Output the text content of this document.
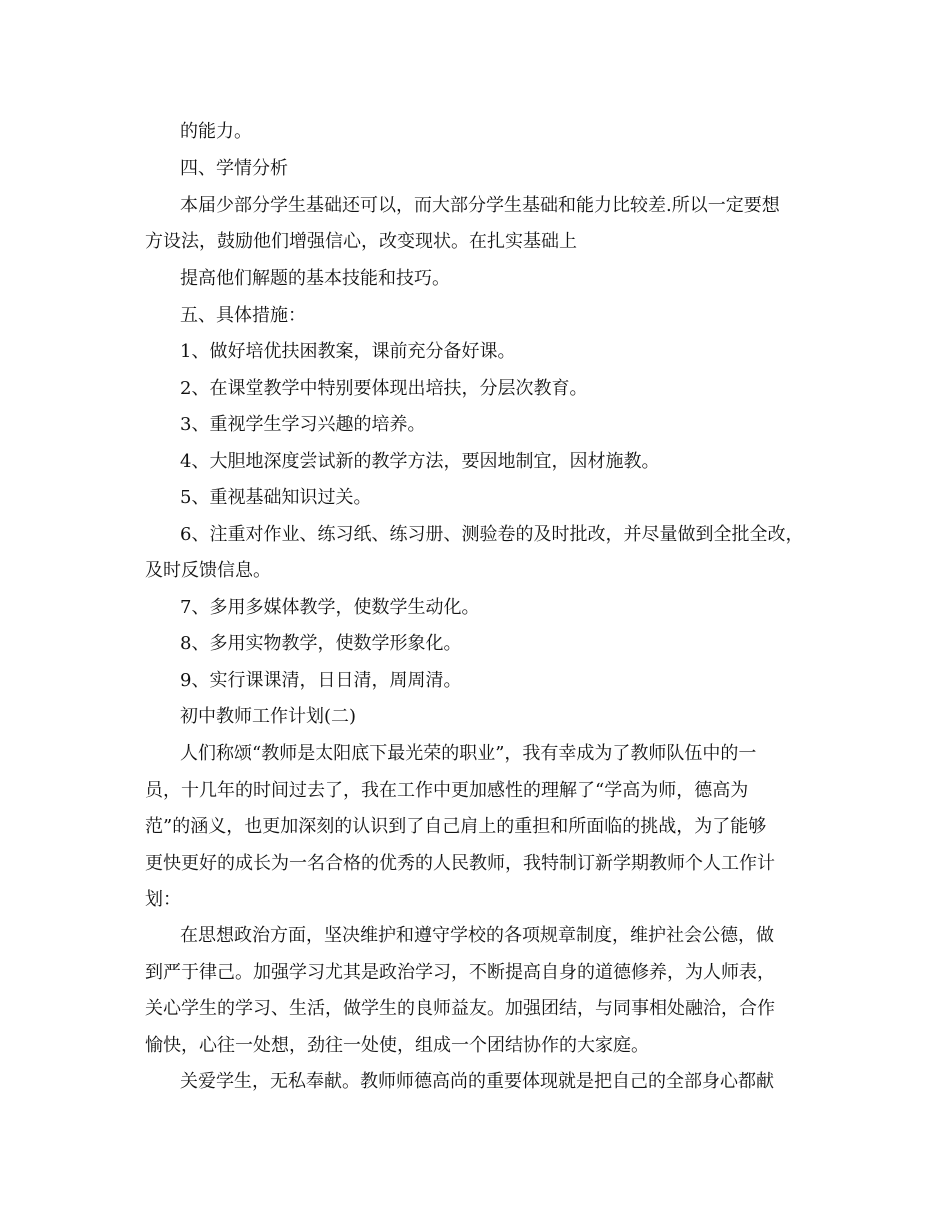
的能力。
四、学情分析
本届少部分学生基础还可以，而大部分学生基础和能力比较差.所以一定要想
方设法，鼓励他们增强信心，改变现状。在扎实基础上
提高他们解题的基本技能和技巧。
五、具体措施：
1、做好培优扶困教案，课前充分备好课。
2、在课堂教学中特别要体现出培扶，分层次教育。
3、重视学生学习兴趣的培养。
4、大胆地深度尝试新的教学方法，要因地制宜，因材施教。
5、重视基础知识过关。
6、注重对作业、练习纸、练习册、测验卷的及时批改，并尽量做到全批全改，
及时反馈信息。
7、多用多媒体教学，使数学生动化。
8、多用实物教学，使数学形象化。
9、实行课课清，日日清，周周清。
初中教师工作计划(二)
人们称颂“教师是太阳底下最光荣的职业”，我有幸成为了教师队伍中的一
员，十几年的时间过去了，我在工作中更加感性的理解了“学高为师，德高为
范”的涵义，也更加深刻的认识到了自己肩上的重担和所面临的挑战，为了能够
更快更好的成长为一名合格的优秀的人民教师，我特制订新学期教师个人工作计
划：
在思想政治方面，坚决维护和遵守学校的各项规章制度，维护社会公德，做
到严于律己。加强学习尤其是政治学习，不断提高自身的道德修养，为人师表，
关心学生的学习、生活，做学生的良师益友。加强团结，与同事相处融洽，合作
愉快，心往一处想，劲往一处使，组成一个团结协作的大家庭。
关爱学生，无私奉献。教师师德高尚的重要体现就是把自己的全部身心都献
